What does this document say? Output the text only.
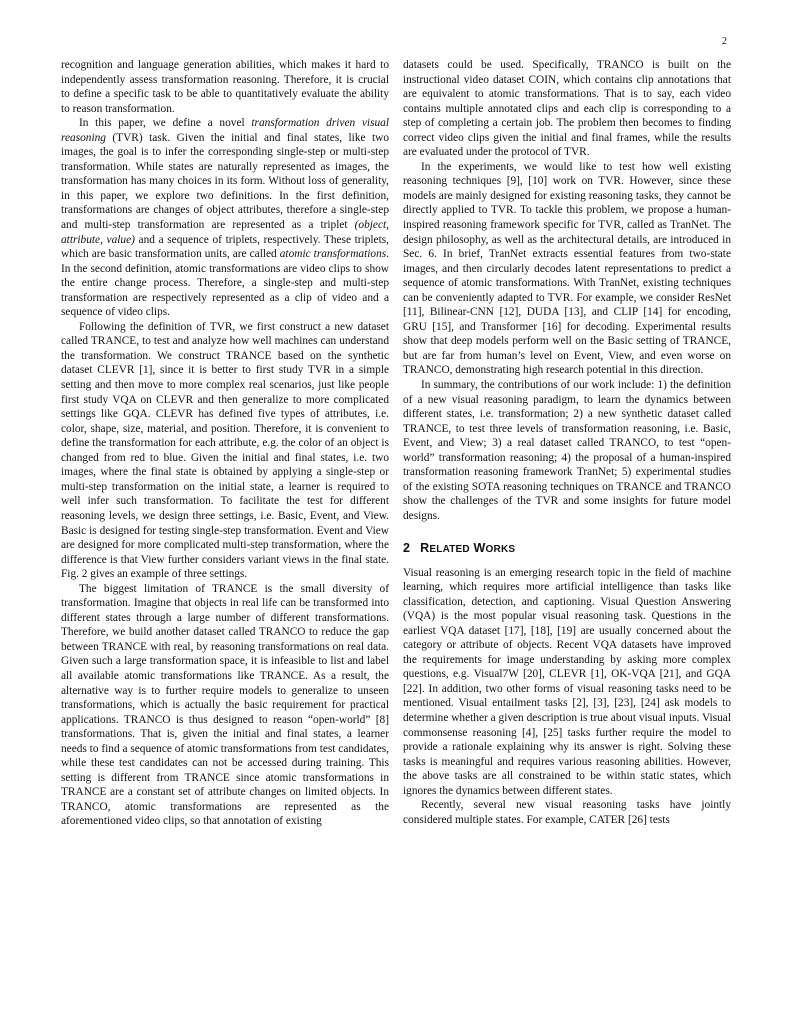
2

recognition and language generation abilities, which makes it hard to independently assess transformation reasoning. Therefore, it is crucial to define a specific task to be able to quantitatively evaluate the ability to reason transformation.

In this paper, we define a novel transformation driven visual reasoning (TVR) task. Given the initial and final states, like two images, the goal is to infer the corresponding single-step or multi-step transformation. While states are naturally represented as images, the transformation has many choices in its form. Without loss of generality, in this paper, we explore two definitions. In the first definition, transformations are changes of object attributes, therefore a single-step and multi-step transformation are represented as a triplet (object, attribute, value) and a sequence of triplets, respectively. These triplets, which are basic transformation units, are called atomic transformations. In the second definition, atomic transformations are video clips to show the entire change process. Therefore, a single-step and multi-step transformation are respectively represented as a clip of video and a sequence of video clips.

Following the definition of TVR, we first construct a new dataset called TRANCE, to test and analyze how well machines can understand the transformation. We construct TRANCE based on the synthetic dataset CLEVR [1], since it is better to first study TVR in a simple setting and then move to more complex real scenarios, just like people first study VQA on CLEVR and then generalize to more complicated settings like GQA. CLEVR has defined five types of attributes, i.e. color, shape, size, material, and position. Therefore, it is convenient to define the transformation for each attribute, e.g. the color of an object is changed from red to blue. Given the initial and final states, i.e. two images, where the final state is obtained by applying a single-step or multi-step transformation on the initial state, a learner is required to well infer such transformation. To facilitate the test for different reasoning levels, we design three settings, i.e. Basic, Event, and View. Basic is designed for testing single-step transformation. Event and View are designed for more complicated multi-step transformation, where the difference is that View further considers variant views in the final state. Fig. 2 gives an example of three settings.

The biggest limitation of TRANCE is the small diversity of transformation. Imagine that objects in real life can be transformed into different states through a large number of different transformations. Therefore, we build another dataset called TRANCO to reduce the gap between TRANCE with real, by reasoning transformations on real data. Given such a large transformation space, it is infeasible to list and label all available atomic transformations like TRANCE. As a result, the alternative way is to further require models to generalize to unseen transformations, which is actually the basic requirement for practical applications. TRANCO is thus designed to reason “open-world” [8] transformations. That is, given the initial and final states, a learner needs to find a sequence of atomic transformations from test candidates, while these test candidates can not be accessed during training. This setting is different from TRANCE since atomic transformations in TRANCE are a constant set of attribute changes on limited objects. In TRANCO, atomic transformations are represented as the aforementioned video clips, so that annotation of existing

datasets could be used. Specifically, TRANCO is built on the instructional video dataset COIN, which contains clip annotations that are equivalent to atomic transformations. That is to say, each video contains multiple annotated clips and each clip is corresponding to a step of completing a certain job. The problem then becomes to finding correct video clips given the initial and final frames, while the results are evaluated under the protocol of TVR.

In the experiments, we would like to test how well existing reasoning techniques [9], [10] work on TVR. However, since these models are mainly designed for existing reasoning tasks, they cannot be directly applied to TVR. To tackle this problem, we propose a human-inspired reasoning framework specific for TVR, called as TranNet. The design philosophy, as well as the architectural details, are introduced in Sec. 6. In brief, TranNet extracts essential features from two-state images, and then circularly decodes latent representations to predict a sequence of atomic transformations. With TranNet, existing techniques can be conveniently adapted to TVR. For example, we consider ResNet [11], Bilinear-CNN [12], DUDA [13], and CLIP [14] for encoding, GRU [15], and Transformer [16] for decoding. Experimental results show that deep models perform well on the Basic setting of TRANCE, but are far from human’s level on Event, View, and even worse on TRANCO, demonstrating high research potential in this direction.

In summary, the contributions of our work include: 1) the definition of a new visual reasoning paradigm, to learn the dynamics between different states, i.e. transformation; 2) a new synthetic dataset called TRANCE, to test three levels of transformation reasoning, i.e. Basic, Event, and View; 3) a real dataset called TRANCO, to test “open-world” transformation reasoning; 4) the proposal of a human-inspired transformation reasoning framework TranNet; 5) experimental studies of the existing SOTA reasoning techniques on TRANCE and TRANCO show the challenges of the TVR and some insights for future model designs.

2 RELATED WORKS

Visual reasoning is an emerging research topic in the field of machine learning, which requires more artificial intelligence than tasks like classification, detection, and captioning. Visual Question Answering (VQA) is the most popular visual reasoning task. Questions in the earliest VQA dataset [17], [18], [19] are usually concerned about the category or attribute of objects. Recent VQA datasets have improved the requirements for image understanding by asking more complex questions, e.g. Visual7W [20], CLEVR [1], OK-VQA [21], and GQA [22]. In addition, two other forms of visual reasoning tasks need to be mentioned. Visual entailment tasks [2], [3], [23], [24] ask models to determine whether a given description is true about visual inputs. Visual commonsense reasoning [4], [25] tasks further require the model to provide a rationale explaining why its answer is right. Solving these tasks is meaningful and requires various reasoning abilities. However, the above tasks are all constrained to be within static states, which ignores the dynamics between different states.

Recently, several new visual reasoning tasks have jointly considered multiple states. For example, CATER [26] tests
